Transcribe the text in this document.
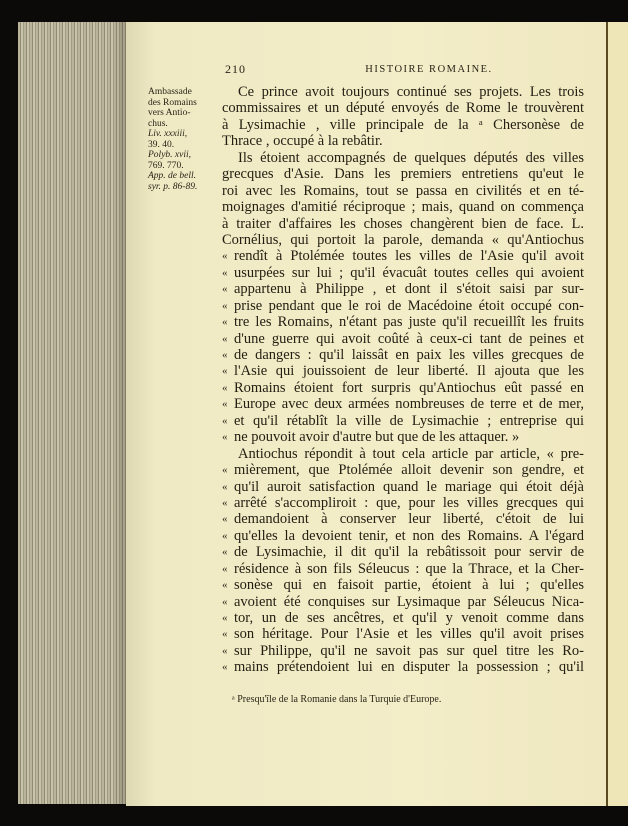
210	HISTOIRE ROMAINE.
Ambassade
des Romains
vers Antio-
chus.
Liv. xxxiii,
39. 40.
Polyb. xvii,
769. 770.
App. de bell.
syr. p. 86-89.
Ce prince avoit toujours continué ses projets. Les trois
commissaires et un député envoyés de Rome le trouvèrent
à Lysimachie , ville principale de la ᵃ Chersonèse de
Thrace , occupé à la rebâtir.
Ils étoient accompagnés de quelques députés des villes
grecques d'Asie. Dans les premiers entretiens qu'eut le
roi avec les Romains, tout se passa en civilités et en té-
moignages d'amitié réciproque ; mais, quand on commença
à traiter d'affaires les choses changèrent bien de face. L.
Cornélius, qui portoit la parole, demanda « qu'Antiochus
« rendît à Ptolémée toutes les villes de l'Asie qu'il avoit
« usurpées sur lui ; qu'il évacuât toutes celles qui avoient
« appartenu à Philippe , et dont il s'étoit saisi par sur-
« prise pendant que le roi de Macédoine étoit occupé con-
« tre les Romains, n'étant pas juste qu'il recueillît les fruits
« d'une guerre qui avoit coûté à ceux-ci tant de peines et
« de dangers : qu'il laissât en paix les villes grecques de
« l'Asie qui jouissoient de leur liberté. Il ajouta que les
« Romains étoient fort surpris qu'Antiochus eût passé en
« Europe avec deux armées nombreuses de terre et de mer,
« et qu'il rétablît la ville de Lysimachie ; entreprise qui
« ne pouvoit avoir d'autre but que de les attaquer. »
Antiochus répondit à tout cela article par article, « pre-
« mièrement, que Ptolémée alloit devenir son gendre, et
« qu'il auroit satisfaction quand le mariage qui étoit déjà
« arrêté s'accompliroit : que, pour les villes grecques qui
« demandoient à conserver leur liberté, c'étoit de lui
« qu'elles la devoient tenir, et non des Romains. A l'égard
« de Lysimachie, il dit qu'il la rebâtissoit pour servir de
« résidence à son fils Séleucus : que la Thrace, et la Cher-
« sonèse qui en faisoit partie, étoient à lui ; qu'elles
« avoient été conquises sur Lysimaque par Séleucus Nica-
« tor, un de ses ancêtres, et qu'il y venoit comme dans
« son héritage. Pour l'Asie et les villes qu'il avoit prises
« sur Philippe, qu'il ne savoit pas sur quel titre les Ro-
« mains prétendoient lui en disputer la possession ; qu'il
ᵃ Presqu'île de la Romanie dans la Turquie d'Europe.
